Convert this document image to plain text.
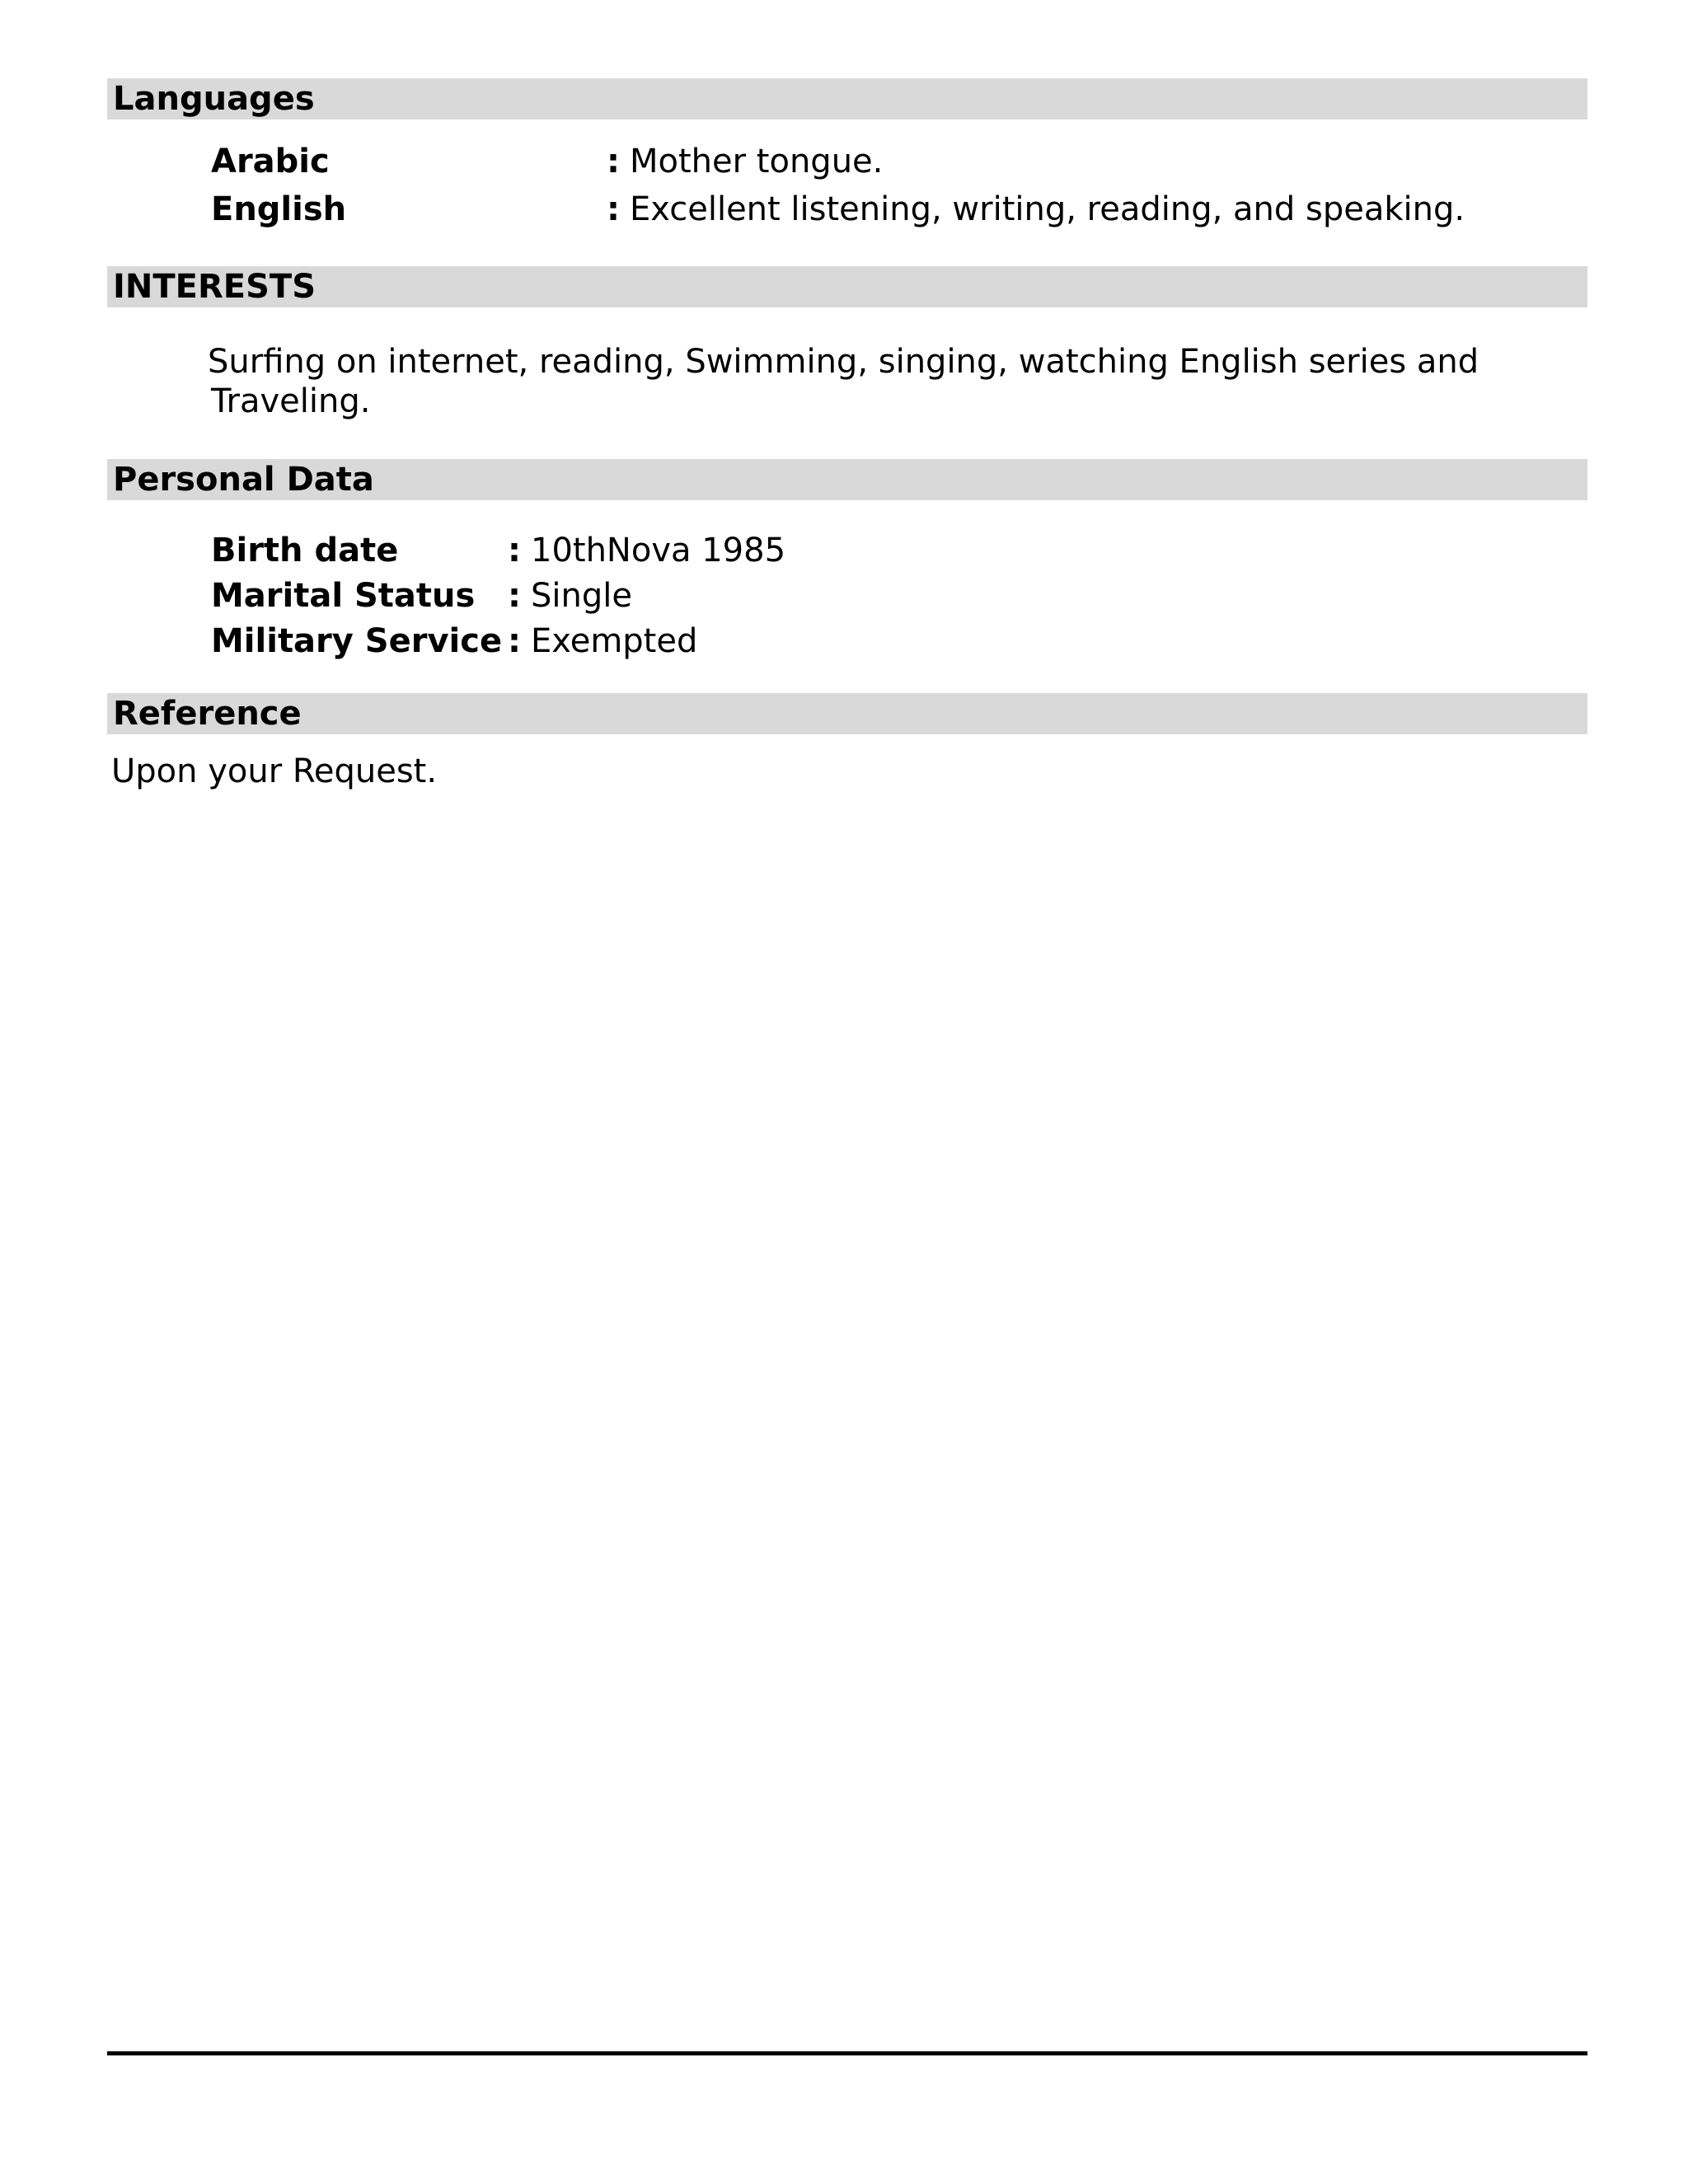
Languages
Arabic	: Mother tongue.
English	: Excellent listening, writing, reading, and speaking.
INTERESTS
Surfing on internet, reading, Swimming, singing, watching English series and
Traveling.
Personal Data
Birth date	: 10thNova 1985
Marital Status : Single
Military Service : Exempted
Reference
Upon your Request.
